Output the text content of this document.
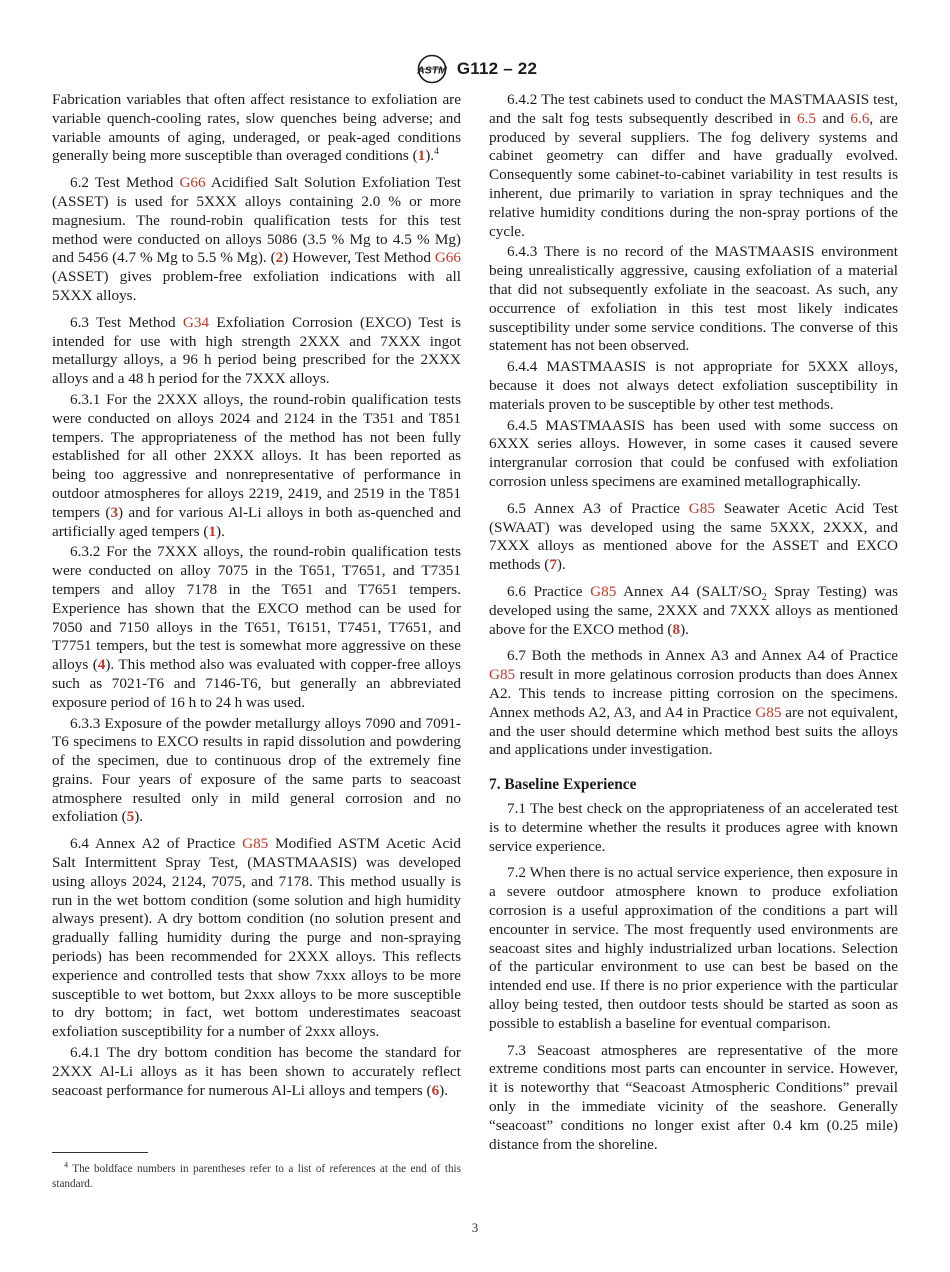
ASTM G112 – 22

Fabrication variables that often affect resistance to exfoliation are variable quench-cooling rates, slow quenches being adverse; and variable amounts of aging, underaged, or peak-aged conditions generally being more susceptible than overaged conditions (1).$^4$

6.2 Test Method G66 Acidified Salt Solution Exfoliation Test (ASSET) is used for 5XXX alloys containing 2.0 % or more magnesium. The round-robin qualification tests for this test method were conducted on alloys 5086 (3.5 % Mg to 4.5 % Mg) and 5456 (4.7 % Mg to 5.5 % Mg). (2) However, Test Method G66 (ASSET) gives problem-free exfoliation indications with all 5XXX alloys.

6.3 Test Method G34 Exfoliation Corrosion (EXCO) Test is intended for use with high strength 2XXX and 7XXX ingot metallurgy alloys, a 96 h period being prescribed for the 2XXX alloys and a 48 h period for the 7XXX alloys.

6.3.1 For the 2XXX alloys, the round-robin qualification tests were conducted on alloys 2024 and 2124 in the T351 and T851 tempers. The appropriateness of the method has not been fully established for all other 2XXX alloys. It has been reported as being too aggressive and nonrepresentative of performance in outdoor atmospheres for alloys 2219, 2419, and 2519 in the T851 tempers (3) and for various Al-Li alloys in both as-quenched and artificially aged tempers (1).

6.3.2 For the 7XXX alloys, the round-robin qualification tests were conducted on alloy 7075 in the T651, T7651, and T7351 tempers and alloy 7178 in the T651 and T7651 tempers. Experience has shown that the EXCO method can be used for 7050 and 7150 alloys in the T651, T6151, T7451, T7651, and T7751 tempers, but the test is somewhat more aggressive on these alloys (4). This method also was evaluated with copper-free alloys such as 7021-T6 and 7146-T6, but generally an abbreviated exposure period of 16 h to 24 h was used.

6.3.3 Exposure of the powder metallurgy alloys 7090 and 7091-T6 specimens to EXCO results in rapid dissolution and powdering of the specimen, due to continuous drop of the extremely fine grains. Four years of exposure of the same parts to seacoast atmosphere resulted only in mild general corrosion and no exfoliation (5).

6.4 Annex A2 of Practice G85 Modified ASTM Acetic Acid Salt Intermittent Spray Test, (MASTMAASIS) was developed using alloys 2024, 2124, 7075, and 7178. This method usually is run in the wet bottom condition (some solution and high humidity always present). A dry bottom condition (no solution present and gradually falling humidity during the purge and non-spraying periods) has been recommended for 2XXX alloys. This reflects experience and controlled tests that show 7xxx alloys to be more susceptible to wet bottom, but 2xxx alloys to be more susceptible to dry bottom; in fact, wet bottom underestimates seacoast exfoliation susceptibility for a number of 2xxx alloys.

6.4.1 The dry bottom condition has become the standard for 2XXX Al-Li alloys as it has been shown to accurately reflect seacoast performance for numerous Al-Li alloys and tempers (6).

$^4$ The boldface numbers in parentheses refer to a list of references at the end of this standard.

6.4.2 The test cabinets used to conduct the MASTMAASIS test, and the salt fog tests subsequently described in 6.5 and 6.6, are produced by several suppliers. The fog delivery systems and cabinet geometry can differ and have gradually evolved. Consequently some cabinet-to-cabinet variability in test results is inherent, due primarily to variation in spray techniques and the relative humidity conditions during the non-spray portions of the cycle.

6.4.3 There is no record of the MASTMAASIS environment being unrealistically aggressive, causing exfoliation of a material that did not subsequently exfoliate in the seacoast. As such, any occurrence of exfoliation in this test most likely indicates susceptibility under some service conditions. The converse of this statement has not been observed.

6.4.4 MASTMAASIS is not appropriate for 5XXX alloys, because it does not always detect exfoliation susceptibility in materials proven to be susceptible by other test methods.

6.4.5 MASTMAASIS has been used with some success on 6XXX series alloys. However, in some cases it caused severe intergranular corrosion that could be confused with exfoliation corrosion unless specimens are examined metallographically.

6.5 Annex A3 of Practice G85 Seawater Acetic Acid Test (SWAAT) was developed using the same 5XXX, 2XXX, and 7XXX alloys as mentioned above for the ASSET and EXCO methods (7).

6.6 Practice G85 Annex A4 ($SALT/SO_2$ Spray Testing) was developed using the same, 2XXX and 7XXX alloys as mentioned above for the EXCO method (8).

6.7 Both the methods in Annex A3 and Annex A4 of Practice G85 result in more gelatinous corrosion products than does Annex A2. This tends to increase pitting corrosion on the specimens. Annex methods A2, A3, and A4 in Practice G85 are not equivalent, and the user should determine which method best suits the alloys and applications under investigation.

7. Baseline Experience

7.1 The best check on the appropriateness of an accelerated test is to determine whether the results it produces agree with known service experience.

7.2 When there is no actual service experience, then exposure in a severe outdoor atmosphere known to produce exfoliation corrosion is a useful approximation of the conditions a part will encounter in service. The most frequently used environments are seacoast sites and highly industrialized urban locations. Selection of the particular environment to use can best be based on the intended end use. If there is no prior experience with the particular alloy being tested, then outdoor tests should be started as soon as possible to establish a baseline for eventual comparison.

7.3 Seacoast atmospheres are representative of the more extreme conditions most parts can encounter in service. However, it is noteworthy that “Seacoast Atmospheric Conditions” prevail only in the immediate vicinity of the seashore. Generally “seacoast” conditions no longer exist after 0.4 km (0.25 mile) distance from the shoreline.

3
